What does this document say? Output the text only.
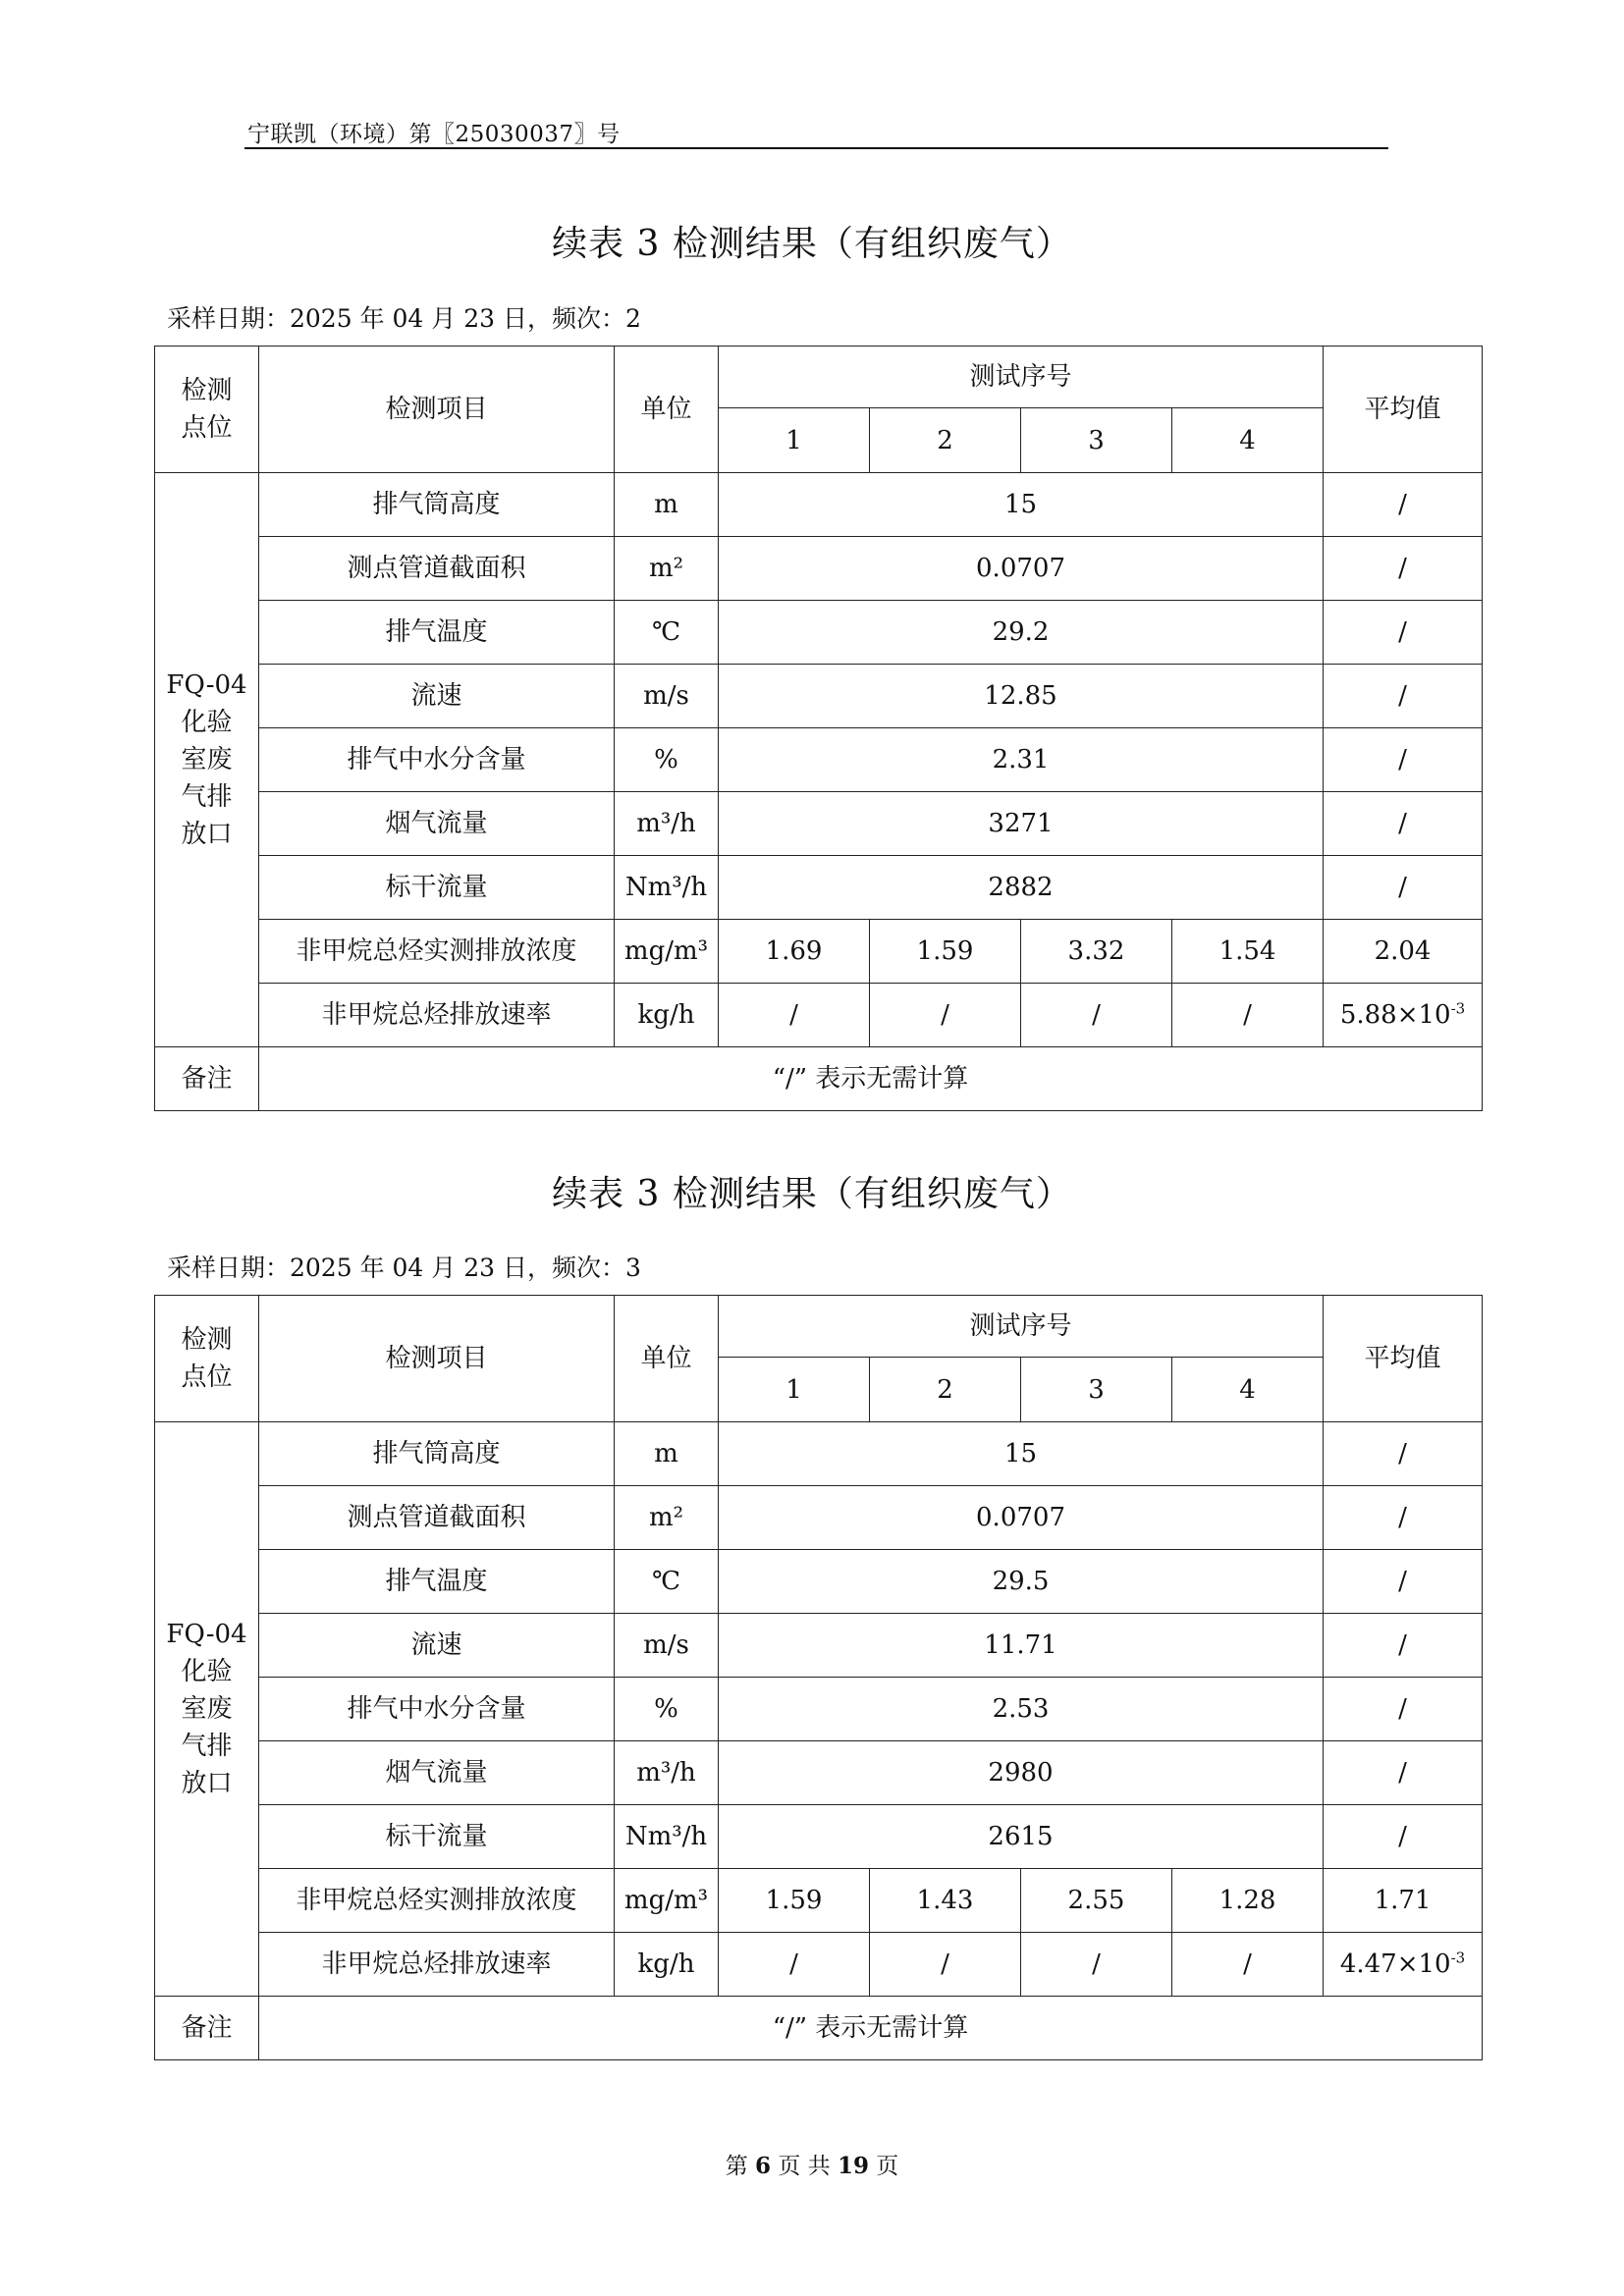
宁联凯（环境）第〖25030037〗号
续表 3 检测结果（有组织废气）
采样日期：2025 年 04 月 23 日，频次：2
检测
点位	检测项目	单位	测试序号				平均值
			1	2	3	4	
FQ-04
化验
室废
气排
放口	排气筒高度	m	15				/
	测点管道截面积	m²	0.0707				/
	排气温度	℃	29.2				/
	流速	m/s	12.85				/
	排气中水分含量	%	2.31				/
	烟气流量	m³/h	3271				/
	标干流量	Nm³/h	2882				/
	非甲烷总烃实测排放浓度	mg/m³	1.69	1.59	3.32	1.54	2.04
	非甲烷总烃排放速率	kg/h	/	/	/	/	$5.88\times 10^{-3}$
备注	“/” 表示无需计算						
续表 3 检测结果（有组织废气）
采样日期：2025 年 04 月 23 日，频次：3
检测
点位	检测项目	单位	测试序号				平均值
			1	2	3	4	
FQ-04
化验
室废
气排
放口	排气筒高度	m	15				/
	测点管道截面积	m²	0.0707				/
	排气温度	℃	29.5				/
	流速	m/s	11.71				/
	排气中水分含量	%	2.53				/
	烟气流量	m³/h	2980				/
	标干流量	Nm³/h	2615				/
	非甲烷总烃实测排放浓度	mg/m³	1.59	1.43	2.55	1.28	1.71
	非甲烷总烃排放速率	kg/h	/	/	/	/	$4.47\times 10^{-3}$
备注	“/” 表示无需计算						
第 6 页 共 19 页
